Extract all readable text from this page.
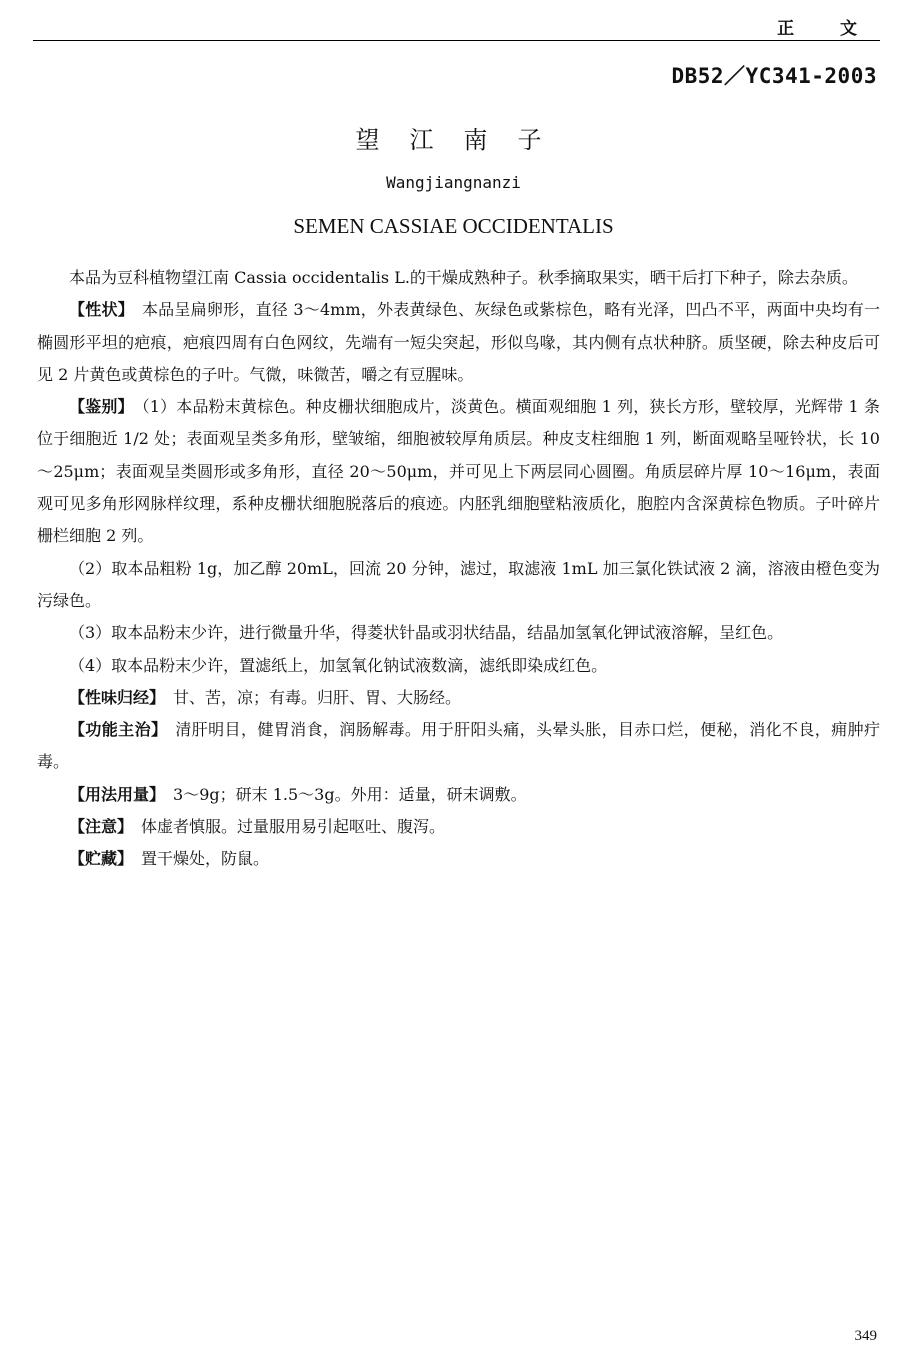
正 文
DB52／YC341-2003
望江南子
Wangjiangnanzi
SEMEN CASSIAE OCCIDENTALIS

本品为豆科植物望江南 Cassia occidentalis L.的干燥成熟种子。秋季摘取果实，晒干后打下种子，除去杂质。

【性状】 本品呈扁卵形，直径 3～4mm，外表黄绿色、灰绿色或紫棕色，略有光泽，凹凸不平，两面中央均有一椭圆形平坦的疤痕，疤痕四周有白色网纹，先端有一短尖突起，形似鸟喙，其内侧有点状种脐。质坚硬，除去种皮后可见 2 片黄色或黄棕色的子叶。气微，味微苦，嚼之有豆腥味。

【鉴别】 （1）本品粉末黄棕色。种皮栅状细胞成片，淡黄色。横面观细胞 1 列，狭长方形，壁较厚，光辉带 1 条位于细胞近 1/2 处；表面观呈类多角形，壁皱缩，细胞被较厚角质层。种皮支柱细胞 1 列，断面观略呈哑铃状，长 10～25μm；表面观呈类圆形或多角形，直径 20～50μm，并可见上下两层同心圆圈。角质层碎片厚 10～16μm，表面观可见多角形网脉样纹理，系种皮栅状细胞脱落后的痕迹。内胚乳细胞壁粘液质化，胞腔内含深黄棕色物质。子叶碎片栅栏细胞 2 列。

（2）取本品粗粉 1g，加乙醇 20mL，回流 20 分钟，滤过，取滤液 1mL 加三氯化铁试液 2 滴，溶液由橙色变为污绿色。

（3）取本品粉末少许，进行微量升华，得菱状针晶或羽状结晶，结晶加氢氧化钾试液溶解，呈红色。

（4）取本品粉末少许，置滤纸上，加氢氧化钠试液数滴，滤纸即染成红色。

【性味归经】 甘、苦，凉；有毒。归肝、胃、大肠经。

【功能主治】 清肝明目，健胃消食，润肠解毒。用于肝阳头痛，头晕头胀，目赤口烂，便秘，消化不良，痈肿疔毒。

【用法用量】 3～9g；研末 1.5～3g。外用：适量，研末调敷。

【注意】 体虚者慎服。过量服用易引起呕吐、腹泻。

【贮藏】 置干燥处，防鼠。

349
